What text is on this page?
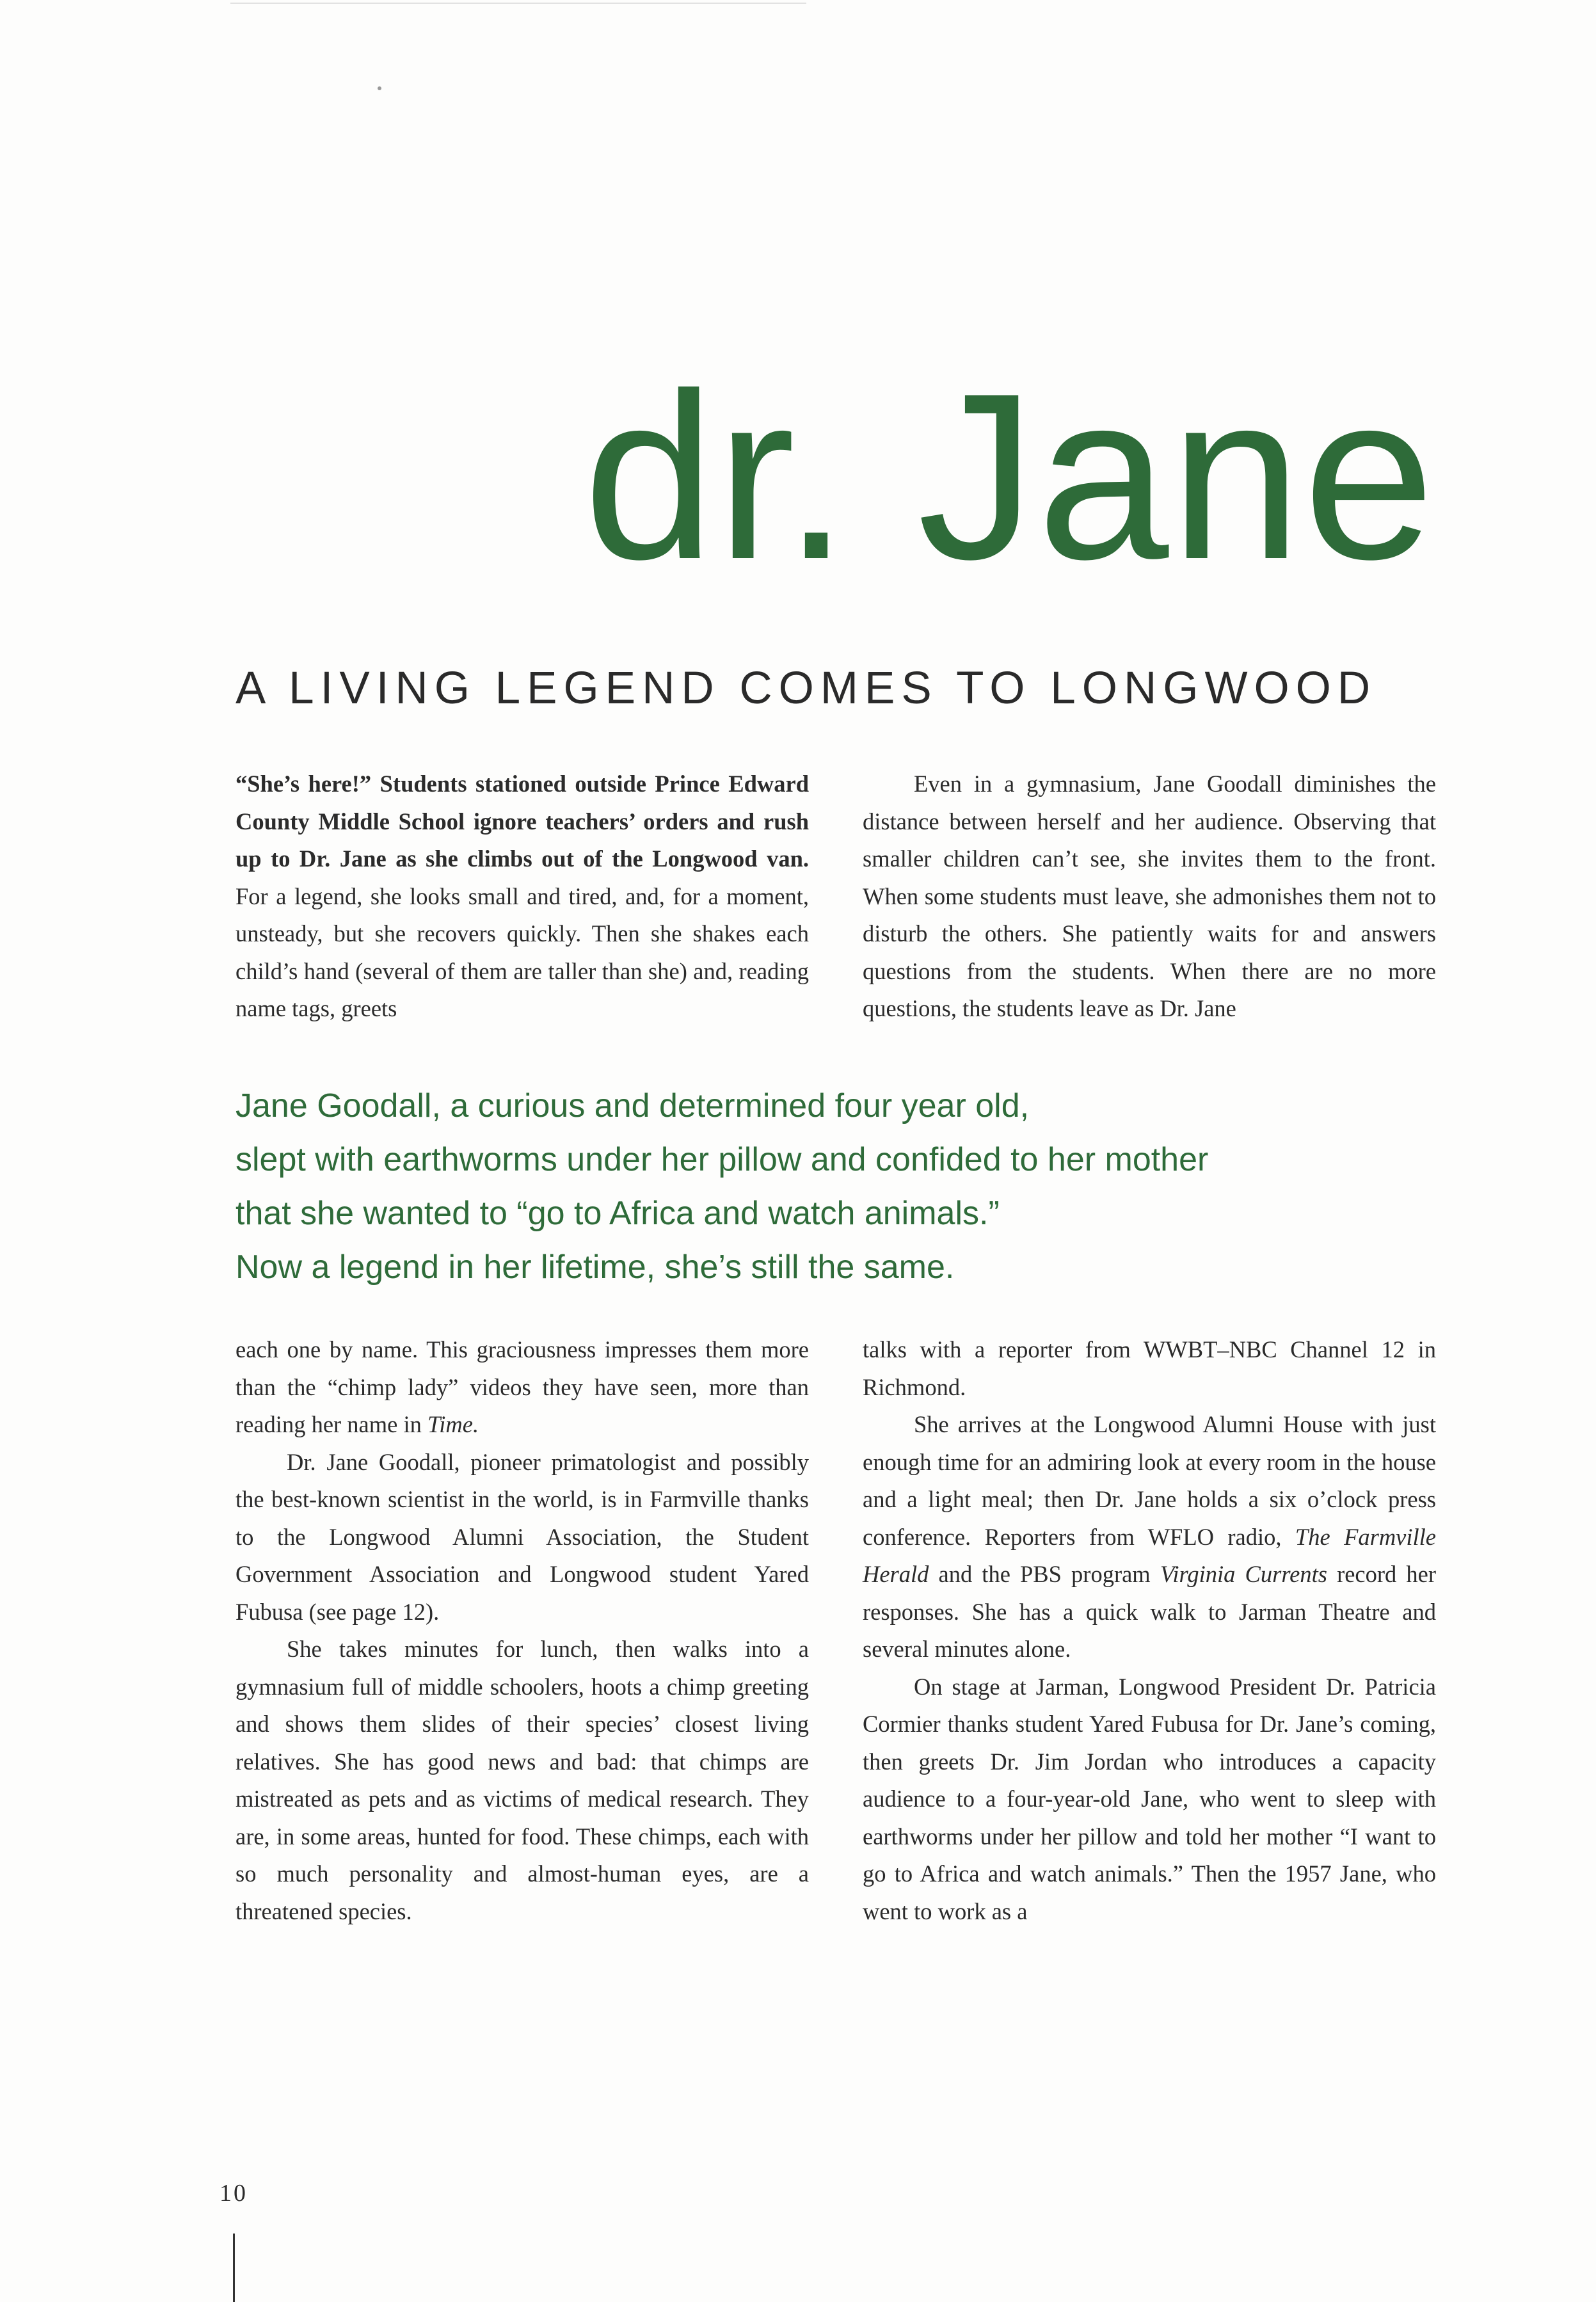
dr. Jane
A LIVING LEGEND COMES TO LONGWOOD

“She’s here!” Students stationed outside Prince Edward County Middle School ignore teachers’ orders and rush up to Dr. Jane as she climbs out of the Longwood van. For a legend, she looks small and tired, and, for a moment, unsteady, but she recovers quickly. Then she shakes each child’s hand (several of them are taller than she) and, reading name tags, greets

Even in a gymnasium, Jane Goodall diminishes the distance between herself and her audience. Observing that smaller children can’t see, she invites them to the front. When some students must leave, she admonishes them not to disturb the others. She patiently waits for and answers questions from the students. When there are no more questions, the students leave as Dr. Jane

Jane Goodall, a curious and determined four year old,
slept with earthworms under her pillow and confided to her mother
that she wanted to “go to Africa and watch animals.”
Now a legend in her lifetime, she’s still the same.

each one by name. This graciousness impresses them more than the “chimp lady” videos they have seen, more than reading her name in Time.

Dr. Jane Goodall, pioneer primatologist and possibly the best-known scientist in the world, is in Farmville thanks to the Longwood Alumni Association, the Student Government Association and Longwood student Yared Fubusa (see page 12).

She takes minutes for lunch, then walks into a gymnasium full of middle schoolers, hoots a chimp greeting and shows them slides of their species’ closest living relatives. She has good news and bad: that chimps are mistreated as pets and as victims of medical research. They are, in some areas, hunted for food. These chimps, each with so much personality and almost-human eyes, are a threatened species.

talks with a reporter from WWBT–NBC Channel 12 in Richmond.

She arrives at the Longwood Alumni House with just enough time for an admiring look at every room in the house and a light meal; then Dr. Jane holds a six o’clock press conference. Reporters from WFLO radio, The Farmville Herald and the PBS program Virginia Currents record her responses. She has a quick walk to Jarman Theatre and several minutes alone.

On stage at Jarman, Longwood President Dr. Patricia Cormier thanks student Yared Fubusa for Dr. Jane’s coming, then greets Dr. Jim Jordan who introduces a capacity audience to a four-year-old Jane, who went to sleep with earthworms under her pillow and told her mother “I want to go to Africa and watch animals.” Then the 1957 Jane, who went to work as a

10
